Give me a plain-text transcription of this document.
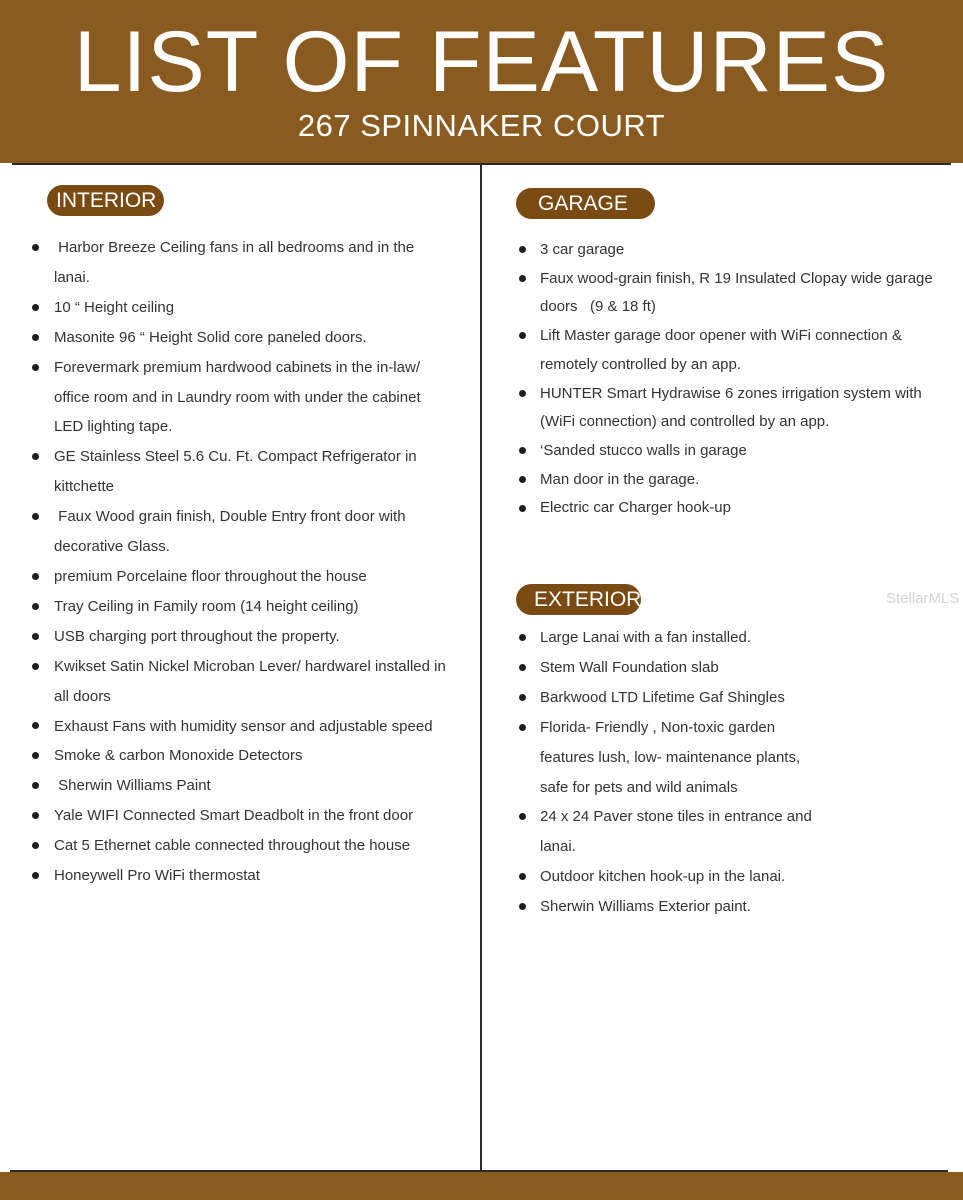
LIST OF FEATURES
267 SPINNAKER COURT
INTERIOR
Harbor Breeze Ceiling fans in all bedrooms and in the
lanai.
10 “ Height ceiling
Masonite 96 “ Height Solid core paneled doors.
Forevermark premium hardwood cabinets in the in-law/
office room and in Laundry room with under the cabinet
LED lighting tape.
GE Stainless Steel 5.6 Cu. Ft. Compact Refrigerator in
kittchette
Faux Wood grain finish, Double Entry front door with
decorative Glass.
premium Porcelaine floor throughout the house
Tray Ceiling in Family room (14 height ceiling)
USB charging port throughout the property.
Kwikset Satin Nickel Microban Lever/ hardwarel installed in
all doors
Exhaust Fans with humidity sensor and adjustable speed
Smoke & carbon Monoxide Detectors
Sherwin Williams Paint
Yale WIFI Connected Smart Deadbolt in the front door
Cat 5 Ethernet cable connected throughout the house
Honeywell Pro WiFi thermostat
GARAGE
3 car garage
Faux wood-grain finish, R 19 Insulated Clopay wide garage
doors   (9 & 18 ft)
Lift Master garage door opener with WiFi connection &
remotely controlled by an app.
HUNTER Smart Hydrawise 6 zones irrigation system with
(WiFi connection) and controlled by an app.
‘Sanded stucco walls in garage
Man door in the garage.
Electric car Charger hook-up
EXTERIOR
Large Lanai with a fan installed.
Stem Wall Foundation slab
Barkwood LTD Lifetime Gaf Shingles
Florida- Friendly , Non-toxic garden
features lush, low- maintenance plants,
safe for pets and wild animals
24 x 24 Paver stone tiles in entrance and
lanai.
Outdoor kitchen hook-up in the lanai.
Sherwin Williams Exterior paint.
StellarMLS
